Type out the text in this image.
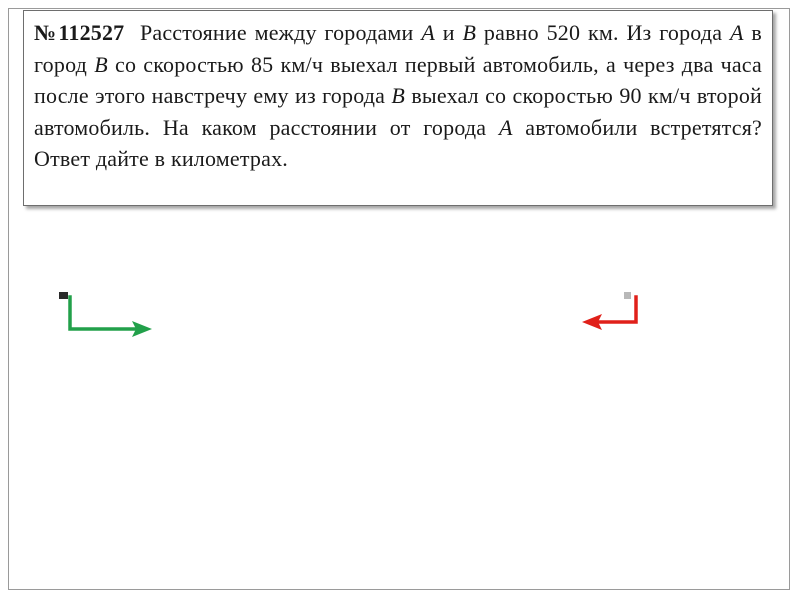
№112527 Расстояние между городами A и B равно 520 км. Из города A в город B со скоростью 85 км/ч выехал первый автомобиль, а через два часа после этого навстречу ему из города B выехал со скоростью 90 км/ч второй автомобиль. На каком расстоянии от города A автомобили встретятся? Ответ дайте в километрах.
